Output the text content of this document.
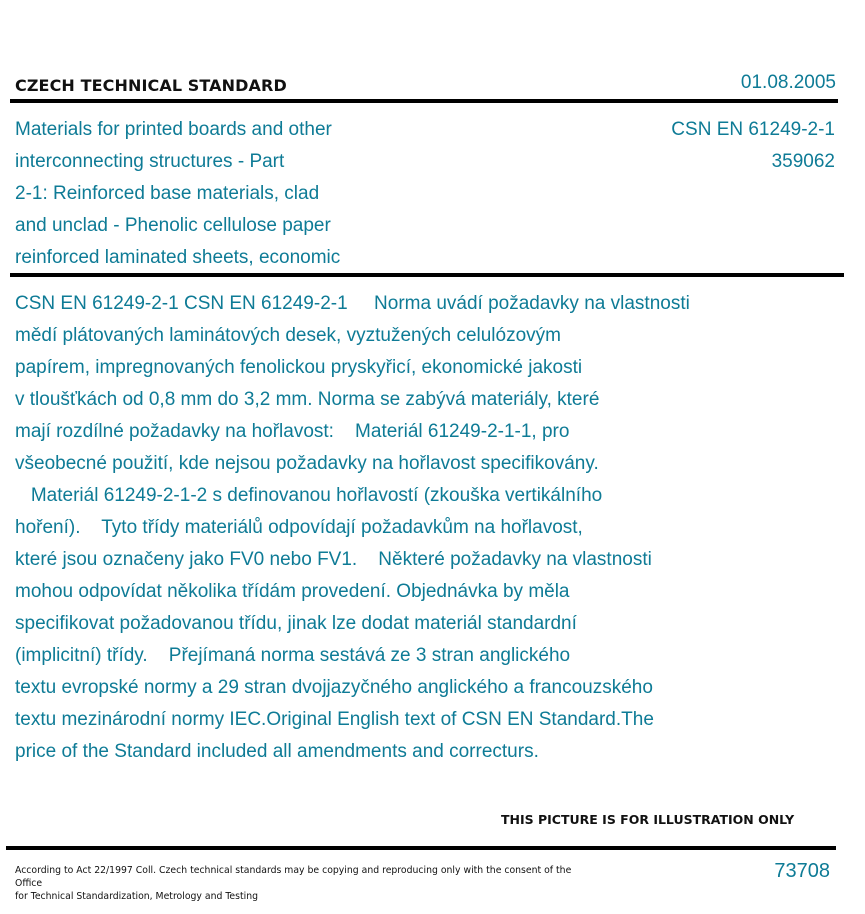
CZECH TECHNICAL STANDARD	01.08.2005
Materials for printed boards and other
interconnecting structures - Part
2-1: Reinforced base materials, clad
and unclad - Phenolic cellulose paper
reinforced laminated sheets, economic
CSN EN 61249-2-1
359062
CSN EN 61249-2-1 CSN EN 61249-2-1     Norma uvádí požadavky na vlastnosti
mědí plátovaných laminátových desek, vyztužených celulózovým
papírem, impregnovaných fenolickou pryskyřicí, ekonomické jakosti
v tloušťkách od 0,8 mm do 3,2 mm. Norma se zabývá materiály, které
mají rozdílné požadavky na hořlavost:    Materiál 61249-2-1-1, pro
všeobecné použití, kde nejsou požadavky na hořlavost specifikovány.
Materiál 61249-2-1-2 s definovanou hořlavostí (zkouška vertikálního
hoření).    Tyto třídy materiálů odpovídají požadavkům na hořlavost,
které jsou označeny jako FV0 nebo FV1.    Některé požadavky na vlastnosti
mohou odpovídat několika třídám provedení. Objednávka by měla
specifikovat požadovanou třídu, jinak lze dodat materiál standardní
(implicitní) třídy.    Přejímaná norma sestává ze 3 stran anglického
textu evropské normy a 29 stran dvojjazyčného anglického a francouzského
textu mezinárodní normy IEC.Original English text of CSN EN Standard.The
price of the Standard included all amendments and correcturs.
THIS PICTURE IS FOR ILLUSTRATION ONLY
According to Act 22/1997 Coll. Czech technical standards may be copying and reproducing only with the consent of the Office
for Technical Standardization, Metrology and Testing
73708
